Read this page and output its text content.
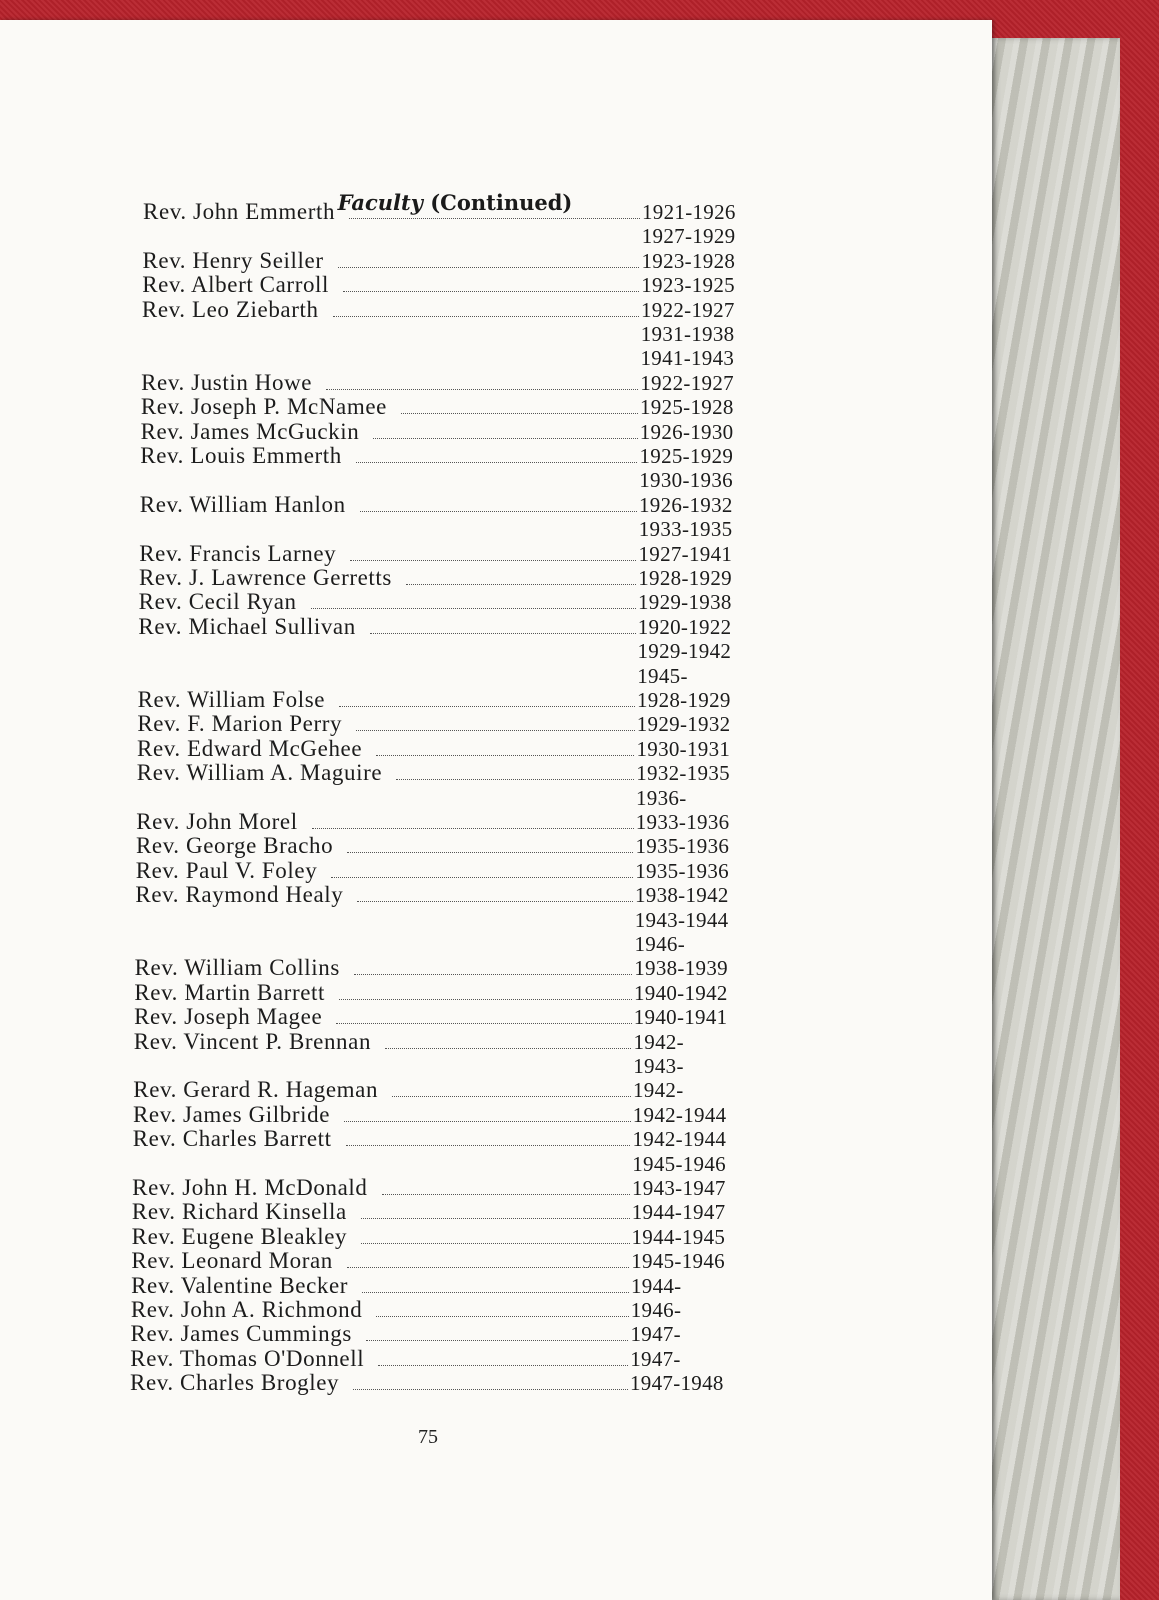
Faculty (Continued)
Rev. John Emmerth	1921-1926
1927-1929
Rev. Henry Seiller	1923-1928
Rev. Albert Carroll	1923-1925
Rev. Leo Ziebarth	1922-1927
1931-1938
1941-1943
Rev. Justin Howe	1922-1927
Rev. Joseph P. McNamee	1925-1928
Rev. James McGuckin	1926-1930
Rev. Louis Emmerth	1925-1929
1930-1936
Rev. William Hanlon	1926-1932
1933-1935
Rev. Francis Larney	1927-1941
Rev. J. Lawrence Gerretts	1928-1929
Rev. Cecil Ryan	1929-1938
Rev. Michael Sullivan	1920-1922
1929-1942
1945-
Rev. William Folse	1928-1929
Rev. F. Marion Perry	1929-1932
Rev. Edward McGehee	1930-1931
Rev. William A. Maguire	1932-1935
1936-
Rev. John Morel	1933-1936
Rev. George Bracho	1935-1936
Rev. Paul V. Foley	1935-1936
Rev. Raymond Healy	1938-1942
1943-1944
1946-
Rev. William Collins	1938-1939
Rev. Martin Barrett	1940-1942
Rev. Joseph Magee	1940-1941
Rev. Vincent P. Brennan	1942-
1943-
Rev. Gerard R. Hageman	1942-
Rev. James Gilbride	1942-1944
Rev. Charles Barrett	1942-1944
1945-1946
Rev. John H. McDonald	1943-1947
Rev. Richard Kinsella	1944-1947
Rev. Eugene Bleakley	1944-1945
Rev. Leonard Moran	1945-1946
Rev. Valentine Becker	1944-
Rev. John A. Richmond	1946-
Rev. James Cummings	1947-
Rev. Thomas O'Donnell	1947-
Rev. Charles Brogley	1947-1948
75
